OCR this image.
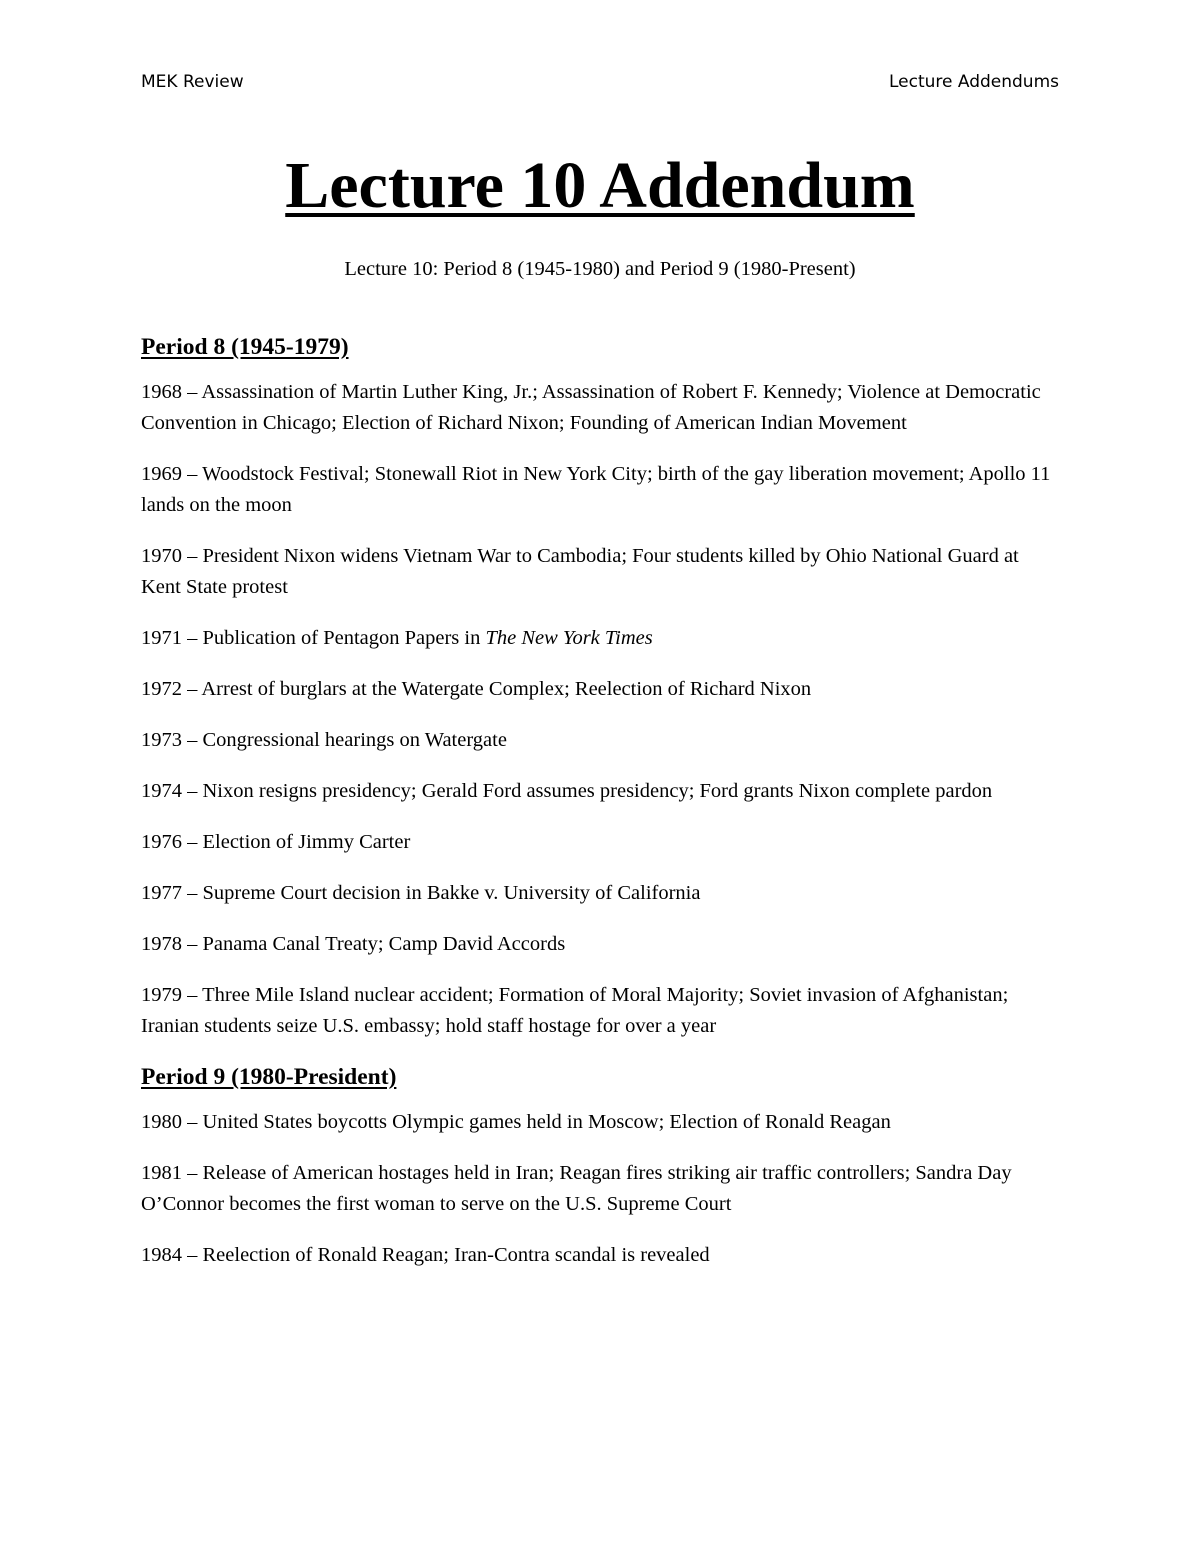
MEK Review	Lecture Addendums
Lecture 10 Addendum
Lecture 10: Period 8 (1945-1980) and Period 9 (1980-Present)
Period 8 (1945-1979)

1968 – Assassination of Martin Luther King, Jr.; Assassination of Robert F. Kennedy; Violence at Democratic Convention in Chicago; Election of Richard Nixon; Founding of American Indian Movement

1969 – Woodstock Festival; Stonewall Riot in New York City; birth of the gay liberation movement; Apollo 11 lands on the moon

1970 – President Nixon widens Vietnam War to Cambodia; Four students killed by Ohio National Guard at Kent State protest

1971 – Publication of Pentagon Papers in The New York Times

1972 – Arrest of burglars at the Watergate Complex; Reelection of Richard Nixon

1973 – Congressional hearings on Watergate

1974 – Nixon resigns presidency; Gerald Ford assumes presidency; Ford grants Nixon complete pardon

1976 – Election of Jimmy Carter

1977 – Supreme Court decision in Bakke v. University of California

1978 – Panama Canal Treaty; Camp David Accords

1979 – Three Mile Island nuclear accident; Formation of Moral Majority; Soviet invasion of Afghanistan; Iranian students seize U.S. embassy; hold staff hostage for over a year

Period 9 (1980-President)

1980 – United States boycotts Olympic games held in Moscow; Election of Ronald Reagan

1981 – Release of American hostages held in Iran; Reagan fires striking air traffic controllers; Sandra Day O’Connor becomes the first woman to serve on the U.S. Supreme Court

1984 – Reelection of Ronald Reagan; Iran-Contra scandal is revealed
